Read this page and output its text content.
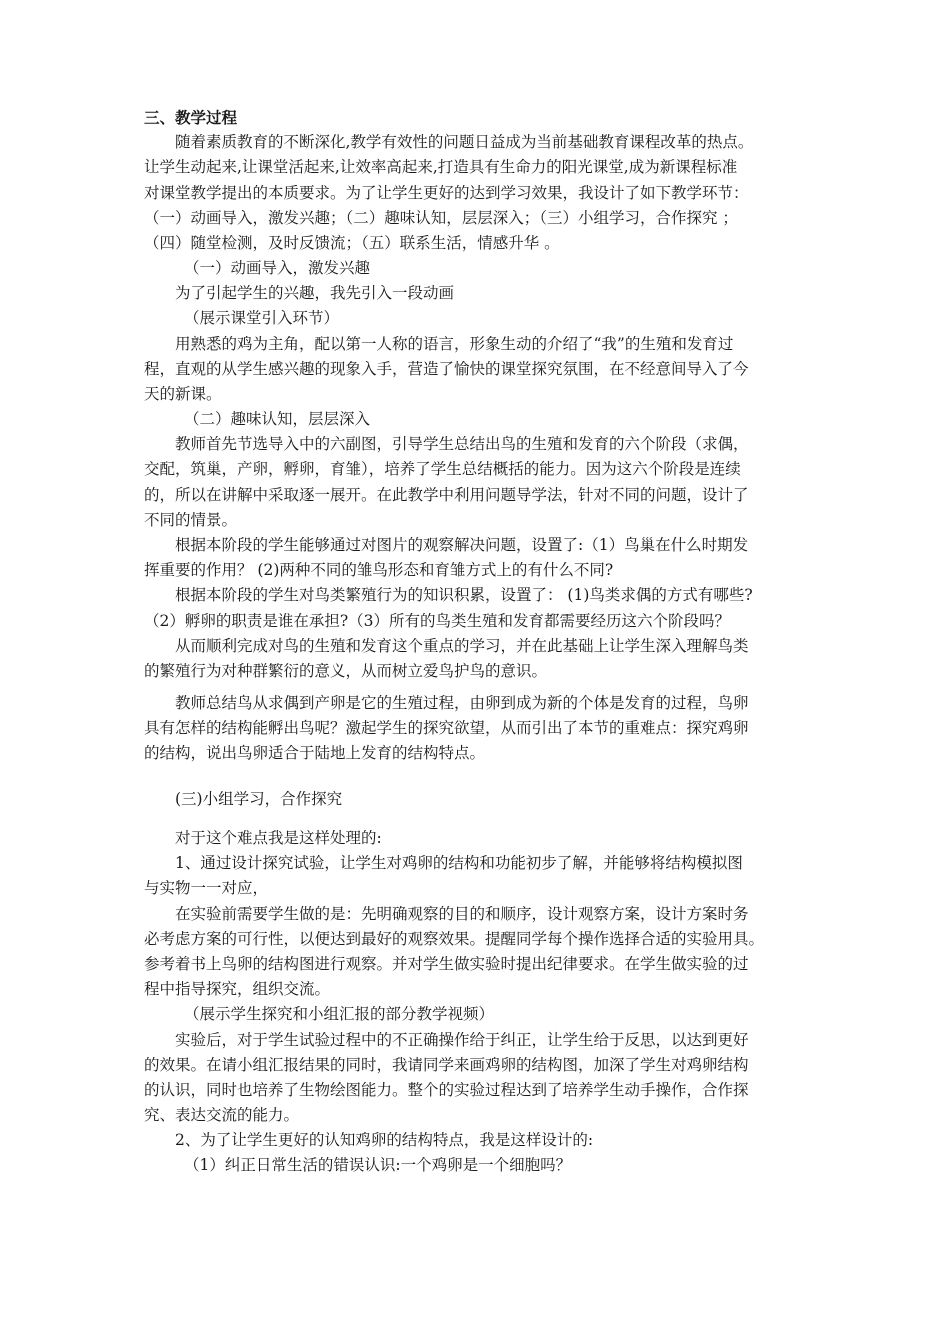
三、教学过程
随着素质教育的不断深化,教学有效性的问题日益成为当前基础教育课程改革的热点。
让学生动起来,让课堂活起来,让效率高起来,打造具有生命力的阳光课堂,成为新课程标准
对课堂教学提出的本质要求。为了让学生更好的达到学习效果，我设计了如下教学环节：
（一）动画导入，激发兴趣；（二）趣味认知，层层深入；（三）小组学习，合作探究 ；
（四）随堂检测，及时反馈流；（五）联系生活，情感升华 。
（一）动画导入，激发兴趣
为了引起学生的兴趣，我先引入一段动画
（展示课堂引入环节）
用熟悉的鸡为主角，配以第一人称的语言，形象生动的介绍了“我”的生殖和发育过
程，直观的从学生感兴趣的现象入手，营造了愉快的课堂探究氛围，在不经意间导入了今
天的新课。
（二）趣味认知，层层深入
教师首先节选导入中的六副图，引导学生总结出鸟的生殖和发育的六个阶段（求偶，
交配，筑巢，产卵，孵卵，育雏），培养了学生总结概括的能力。因为这六个阶段是连续
的，所以在讲解中采取逐一展开。在此教学中利用问题导学法，针对不同的问题，设计了
不同的情景。
根据本阶段的学生能够通过对图片的观察解决问题，设置了:（1）鸟巢在什么时期发
挥重要的作用？ (2)两种不同的雏鸟形态和育雏方式上的有什么不同?
根据本阶段的学生对鸟类繁殖行为的知识积累，设置了： (1)鸟类求偶的方式有哪些?
（2）孵卵的职责是谁在承担?（3）所有的鸟类生殖和发育都需要经历这六个阶段吗？
从而顺利完成对鸟的生殖和发育这个重点的学习，并在此基础上让学生深入理解鸟类
的繁殖行为对种群繁衍的意义，从而树立爱鸟护鸟的意识。
教师总结鸟从求偶到产卵是它的生殖过程，由卵到成为新的个体是发育的过程，鸟卵
具有怎样的结构能孵出鸟呢？激起学生的探究欲望，从而引出了本节的重难点：探究鸡卵
的结构，说出鸟卵适合于陆地上发育的结构特点。
(三)小组学习，合作探究
对于这个难点我是这样处理的:
1、通过设计探究试验，让学生对鸡卵的结构和功能初步了解，并能够将结构模拟图
与实物一一对应，
在实验前需要学生做的是：先明确观察的目的和顺序，设计观察方案，设计方案时务
必考虑方案的可行性，以便达到最好的观察效果。提醒同学每个操作选择合适的实验用具。
参考着书上鸟卵的结构图进行观察。并对学生做实验时提出纪律要求。在学生做实验的过
程中指导探究，组织交流。
（展示学生探究和小组汇报的部分教学视频）
实验后，对于学生试验过程中的不正确操作给于纠正，让学生给于反思，以达到更好
的效果。在请小组汇报结果的同时，我请同学来画鸡卵的结构图，加深了学生对鸡卵结构
的认识，同时也培养了生物绘图能力。整个的实验过程达到了培养学生动手操作，合作探
究、表达交流的能力。
2、为了让学生更好的认知鸡卵的结构特点，我是这样设计的:
（1）纠正日常生活的错误认识:一个鸡卵是一个细胞吗？
